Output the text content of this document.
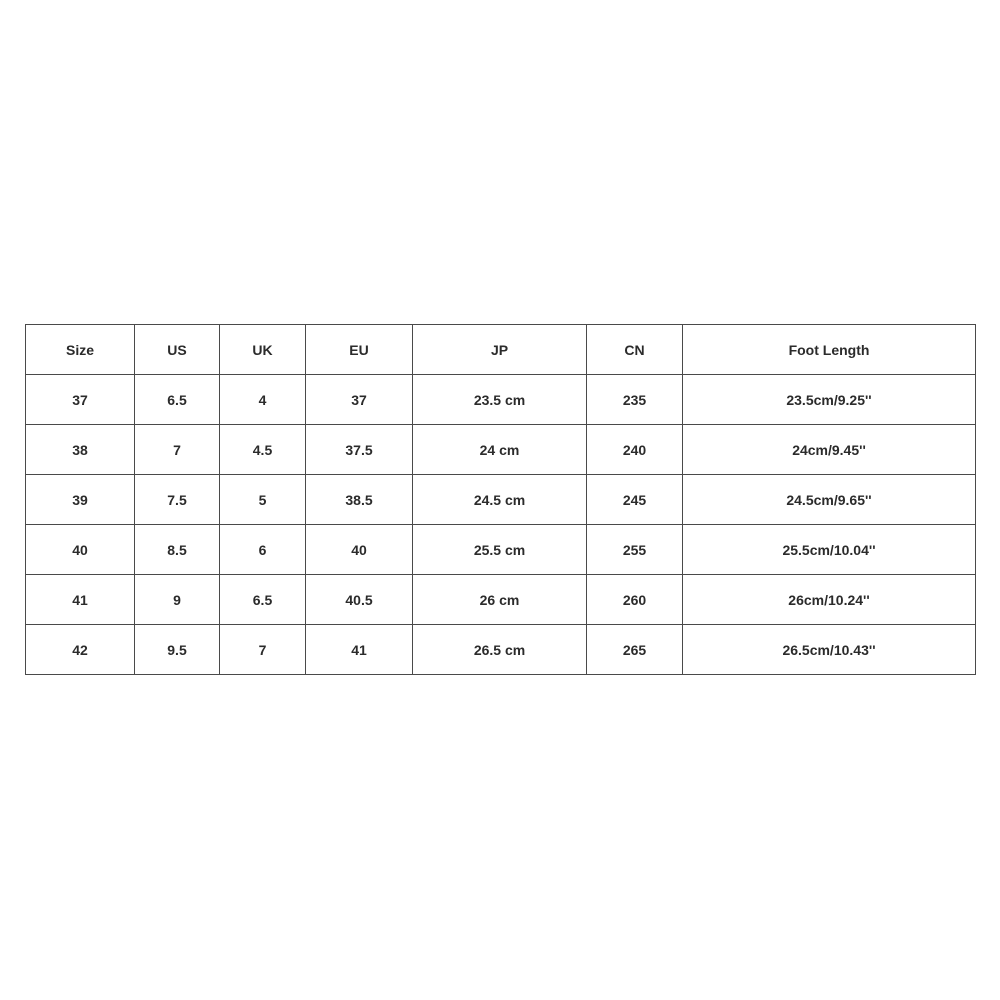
Size	US	UK	EU	JP	CN	Foot Length
37	6.5	4	37	23.5 cm	235	23.5cm/9.25''
38	7	4.5	37.5	24 cm	240	24cm/9.45''
39	7.5	5	38.5	24.5 cm	245	24.5cm/9.65''
40	8.5	6	40	25.5 cm	255	25.5cm/10.04''
41	9	6.5	40.5	26 cm	260	26cm/10.24''
42	9.5	7	41	26.5 cm	265	26.5cm/10.43''
